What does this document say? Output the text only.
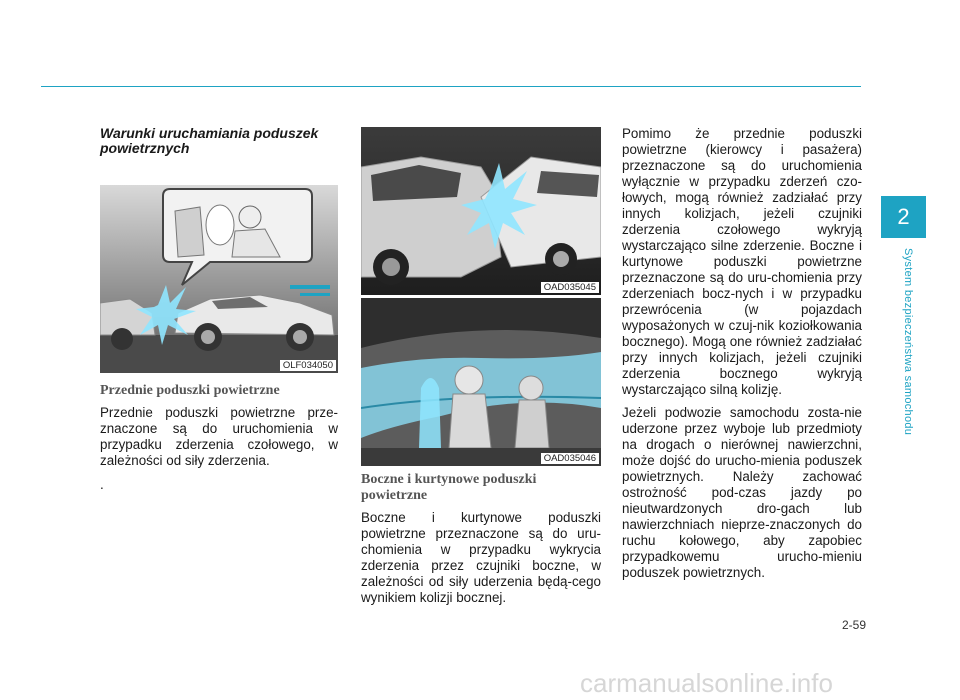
2
System bezpieczeństwa samochodu

Warunki uruchamiania poduszek powietrznych

OLF034050

Przednie poduszki powietrzne

Przednie poduszki powietrzne prze-znaczone są do uruchomienia w przypadku zderzenia czołowego, w zależności od siły zderzenia.

.

OAD035045
OAD035046

Boczne i kurtynowe poduszki powietrzne

Boczne i kurtynowe poduszki powietrzne przeznaczone są do uru-chomienia w przypadku wykrycia zderzenia przez czujniki boczne, w zależności od siły uderzenia będą-cego wynikiem kolizji bocznej.

Pomimo że przednie poduszki powietrzne (kierowcy i pasażera) przeznaczone są do uruchomienia wyłącznie w przypadku zderzeń czo-łowych, mogą również zadziałać przy innych kolizjach, jeżeli czujniki zderzenia czołowego wykryją wystarczająco silne zderzenie. Boczne i kurtynowe poduszki powietrzne przeznaczone są do uru-chomienia przy zderzeniach bocz-nych i w przypadku przewrócenia (w pojazdach wyposażonych w czuj-nik koziołkowania bocznego). Mogą one również zadziałać przy innych kolizjach, jeżeli czujniki zderzenia bocznego wykryją wystarczająco silną kolizję.

Jeżeli podwozie samochodu zosta-nie uderzone przez wyboje lub przedmioty na drogach o nierównej nawierzchni, może dojść do urucho-mienia poduszek powietrznych. Należy zachować ostrożność pod-czas jazdy po nieutwardzonych dro-gach lub nawierzchniach nieprze-znaczonych do ruchu kołowego, aby zapobiec przypadkowemu urucho-mieniu poduszek powietrznych.

2-59
carmanualsonline.info
